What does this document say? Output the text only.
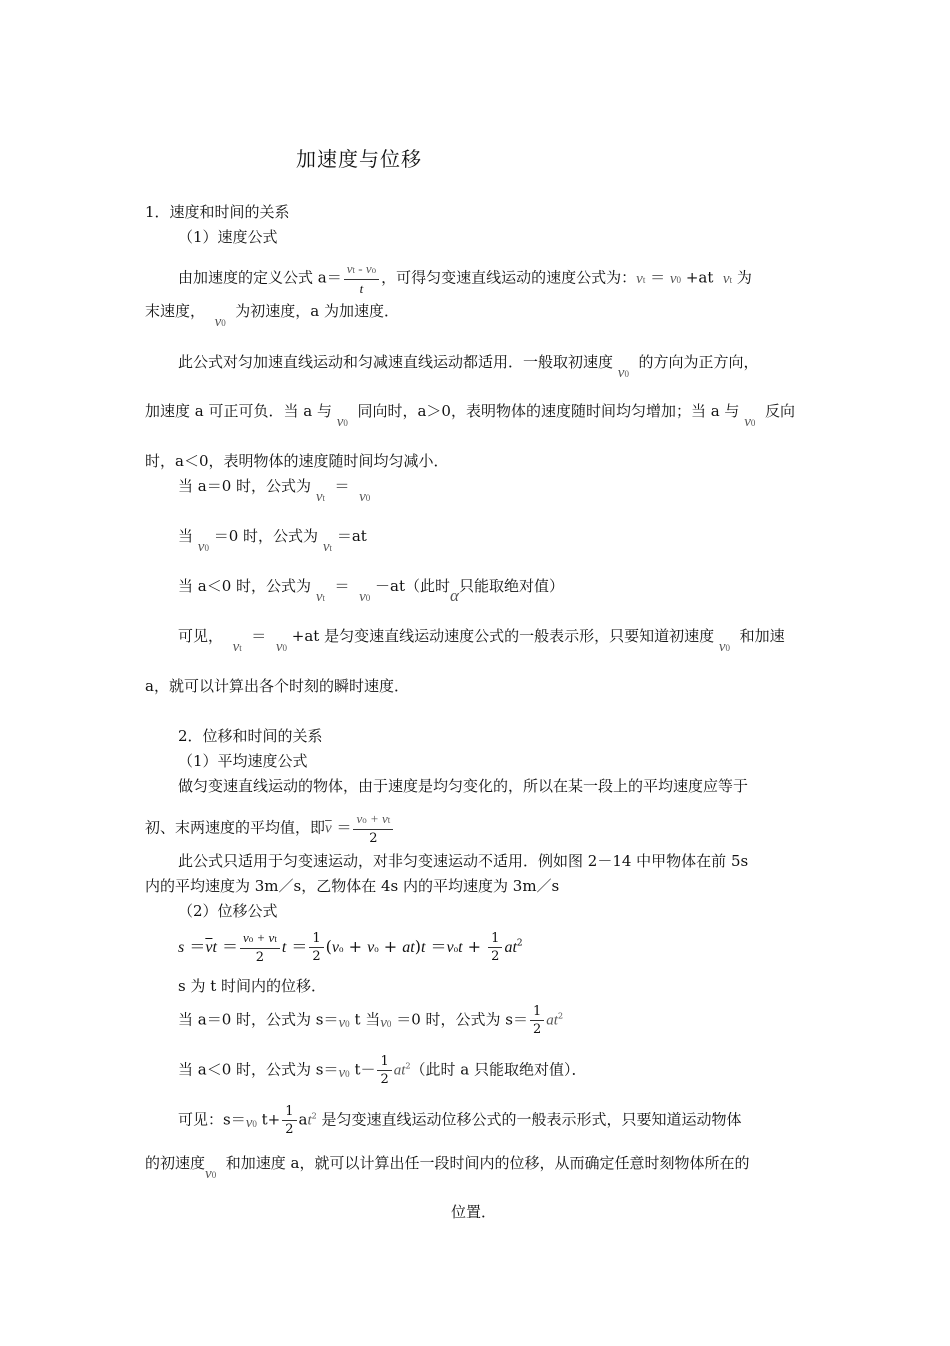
加速度与位移
1．速度和时间的关系
（1）速度公式
由加速度的定义公式 $a= \frac{vt - vo}{t}$ ，可得匀变速直线运动的速度公式为：vt ＝ v0 +at vt 为
末速度，  v0  为初速度，a 为加速度．
此公式对匀加速直线运动和匀减速直线运动都适用．一般取初速度 v0  的方向为正方向，
加速度 a 可正可负．当 a 与 v0  同向时，a＞0，表明物体的速度随时间均匀增加；当 a 与 v0  反向
时，a＜0，表明物体的速度随时间均匀减小．
当 a＝0 时，公式为 vt  ＝  v0
当 v0 ＝0 时，公式为 vt ＝at
当 a＜0 时，公式为 vt  ＝  v0 －at（此时α只能取绝对值）
可见，  vt  ＝  v0 +at 是匀变速直线运动速度公式的一般表示形，只要知道初速度 v0  和加速
a，就可以计算出各个时刻的瞬时速度．
2．位移和时间的关系
（1）平均速度公式
做匀变速直线运动的物体，由于速度是均匀变化的，所以在某一段上的平均速度应等于
初、末两速度的平均值，即$\overline{v} = \frac{vo + vt}{2}$
此公式只适用于匀变速运动，对非匀变速运动不适用．例如图 2－14 中甲物体在前 5s
内的平均速度为 3m／s，乙物体在 4s 内的平均速度为 3m／s
（2）位移公式
$s =\overline{v}t = \frac{vo + vt}{2}$ $t = \frac{1}{2} (vo$ + vo + $at)t =vot + \frac{1}{2} at^2$
s 为 t 时间内的位移．
当 a＝0 时，公式为 s＝v0 t 当v0 ＝0 时，公式为 $s= \frac{1}{2} at^2$
当 a＜0 时，公式为 s＝v0 $t- \frac{1}{2} at^2$（此时 a 只能取绝对值）．
可见：s＝v0 $t+ \frac{1}{2} at^2$ 是匀变速直线运动位移公式的一般表示形式，只要知道运动物体
的初速度v0  和加速度 a，就可以计算出任一段时间内的位移，从而确定任意时刻物体所在的
位置．
